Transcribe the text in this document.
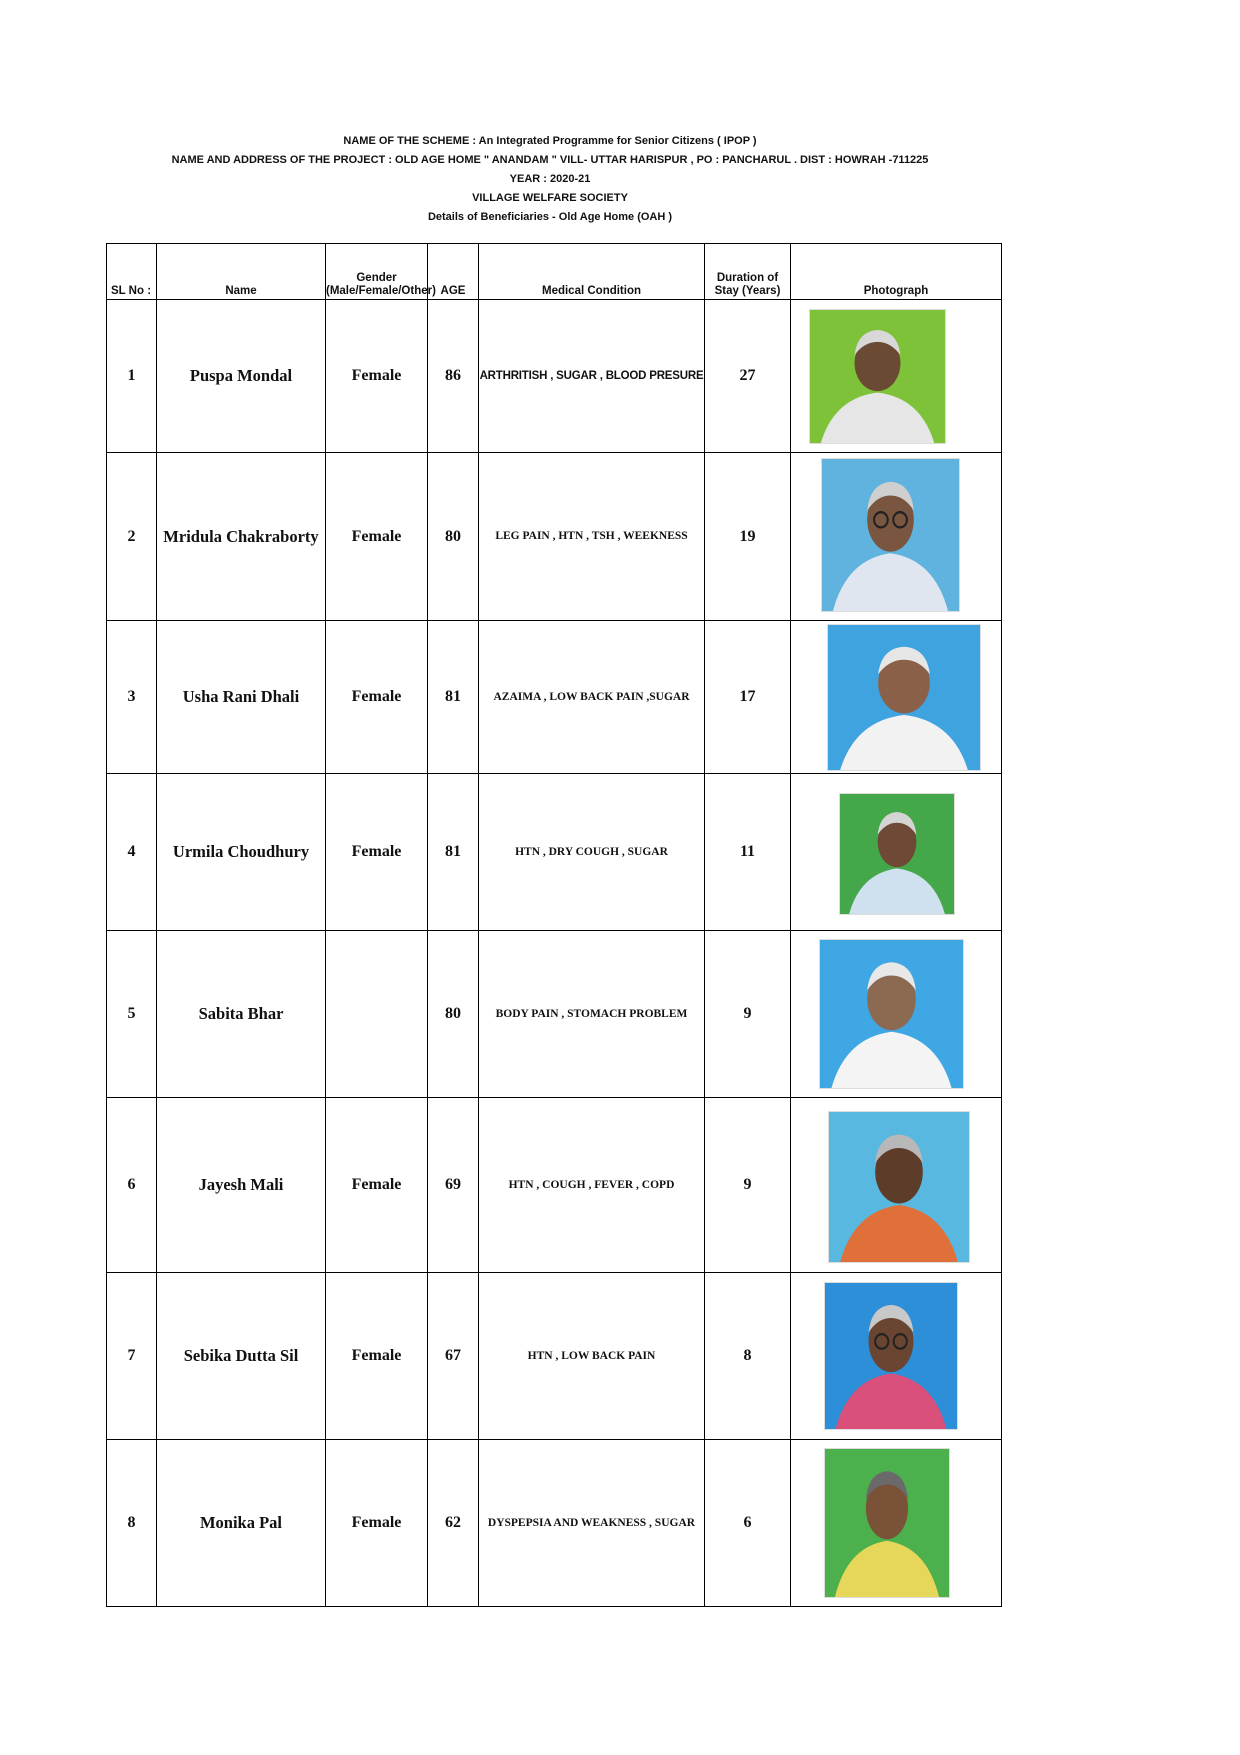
NAME OF THE SCHEME : An Integrated Programme for Senior Citizens ( IPOP )
NAME AND ADDRESS OF THE PROJECT : OLD AGE HOME " ANANDAM " VILL- UTTAR HARISPUR , PO : PANCHARUL . DIST : HOWRAH -711225
YEAR : 2020-21
VILLAGE WELFARE SOCIETY
Details of Beneficiaries - Old Age Home (OAH )
SL No :	Name	Gender (Male/Female/Other)	AGE	Medical Condition	Duration of Stay (Years)	Photograph
1	Puspa Mondal	Female	86	ARTHRITISH , SUGAR , BLOOD PRESURE	27	

2	Mridula Chakraborty	Female	80	LEG PAIN , HTN , TSH , WEEKNESS	19	

3	Usha Rani Dhali	Female	81	AZAIMA , LOW BACK PAIN ,SUGAR	17	

4	Urmila Choudhury	Female	81	HTN , DRY COUGH , SUGAR	11	

5	Sabita Bhar		80	BODY PAIN , STOMACH PROBLEM	9	

6	Jayesh Mali	Female	69	HTN , COUGH , FEVER , COPD	9	

7	Sebika Dutta Sil	Female	67	HTN , LOW BACK PAIN	8	

8	Monika Pal	Female	62	DYSPEPSIA AND WEAKNESS , SUGAR	6	
